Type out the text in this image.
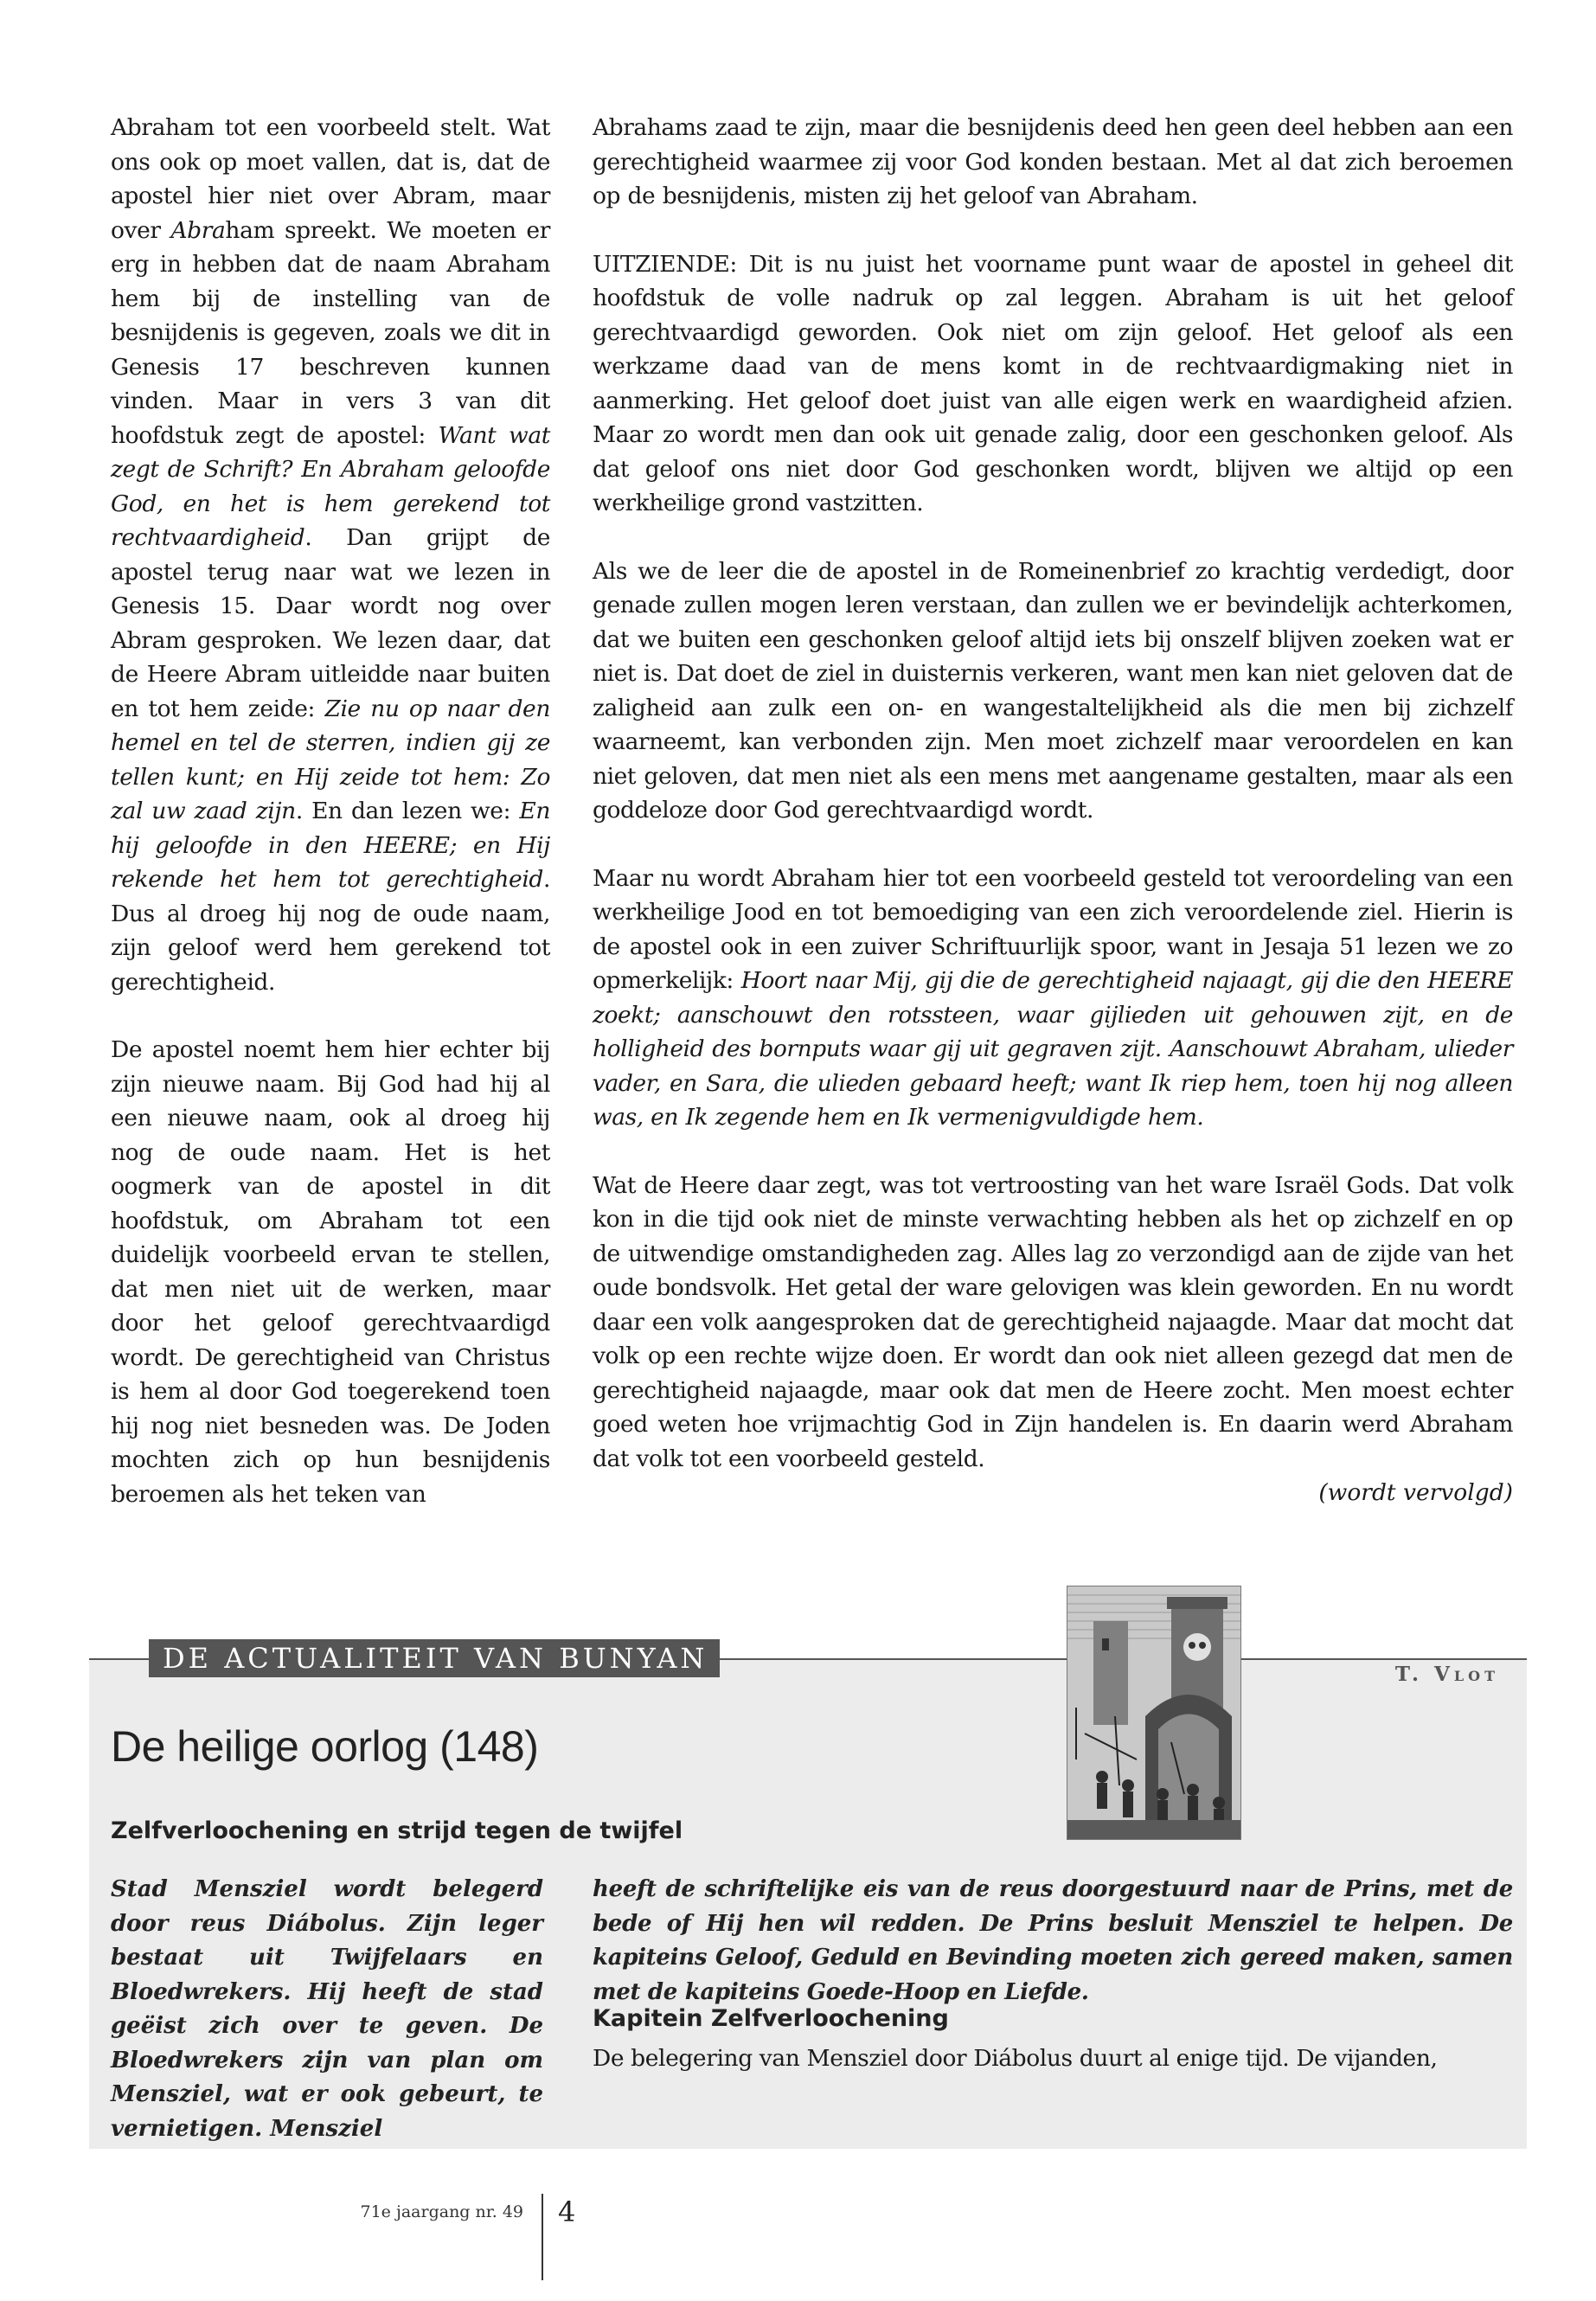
Abraham tot een voorbeeld stelt. Wat ons ook op moet vallen, dat is, dat de apostel hier niet over Abram, maar over Abraham spreekt. We moeten er erg in hebben dat de naam Abraham hem bij de instelling van de besnijdenis is gegeven, zoals we dit in Genesis 17 beschreven kunnen vinden. Maar in vers 3 van dit hoofdstuk zegt de apostel: Want wat zegt de Schrift? En Abraham geloofde God, en het is hem gerekend tot rechtvaardigheid. Dan grijpt de apostel terug naar wat we lezen in Genesis 15. Daar wordt nog over Abram gesproken. We lezen daar, dat de Heere Abram uitleidde naar buiten en tot hem zeide: Zie nu op naar den hemel en tel de sterren, indien gij ze tellen kunt; en Hij zeide tot hem: Zo zal uw zaad zijn. En dan lezen we: En hij geloofde in den HEERE; en Hij rekende het hem tot gerechtigheid. Dus al droeg hij nog de oude naam, zijn geloof werd hem gerekend tot gerechtigheid.

De apostel noemt hem hier echter bij zijn nieuwe naam. Bij God had hij al een nieuwe naam, ook al droeg hij nog de oude naam. Het is het oogmerk van de apostel in dit hoofdstuk, om Abraham tot een duidelijk voorbeeld ervan te stellen, dat men niet uit de werken, maar door het geloof gerechtvaardigd wordt. De gerechtigheid van Christus is hem al door God toegerekend toen hij nog niet besneden was. De Joden mochten zich op hun besnijdenis beroemen als het teken van

Abrahams zaad te zijn, maar die besnijdenis deed hen geen deel hebben aan een gerechtigheid waarmee zij voor God konden bestaan. Met al dat zich beroemen op de besnijdenis, misten zij het geloof van Abraham.

UITZIENDE: Dit is nu juist het voorname punt waar de apostel in geheel dit hoofdstuk de volle nadruk op zal leggen. Abraham is uit het geloof gerechtvaardigd geworden. Ook niet om zijn geloof. Het geloof als een werkzame daad van de mens komt in de rechtvaardigmaking niet in aanmerking. Het geloof doet juist van alle eigen werk en waardigheid afzien. Maar zo wordt men dan ook uit genade zalig, door een geschonken geloof. Als dat geloof ons niet door God geschonken wordt, blijven we altijd op een werkheilige grond vastzitten.

Als we de leer die de apostel in de Romeinenbrief zo krachtig verdedigt, door genade zullen mogen leren verstaan, dan zullen we er bevindelijk achterkomen, dat we buiten een geschonken geloof altijd iets bij onszelf blijven zoeken wat er niet is. Dat doet de ziel in duisternis verkeren, want men kan niet geloven dat de zaligheid aan zulk een on- en wangestaltelijkheid als die men bij zichzelf waarneemt, kan verbonden zijn. Men moet zichzelf maar veroordelen en kan niet geloven, dat men niet als een mens met aangename gestalten, maar als een goddeloze door God gerechtvaardigd wordt.

Maar nu wordt Abraham hier tot een voorbeeld gesteld tot veroordeling van een werkheilige Jood en tot bemoediging van een zich veroordelende ziel. Hierin is de apostel ook in een zuiver Schriftuurlijk spoor, want in Jesaja 51 lezen we zo opmerkelijk: Hoort naar Mij, gij die de gerechtigheid najaagt, gij die den HEERE zoekt; aanschouwt den rotssteen, waar gijlieden uit gehouwen zijt, en de holligheid des bornputs waar gij uit gegraven zijt. Aanschouwt Abraham, ulieder vader, en Sara, die ulieden gebaard heeft; want Ik riep hem, toen hij nog alleen was, en Ik zegende hem en Ik vermenigvuldigde hem.

Wat de Heere daar zegt, was tot vertroosting van het ware Israël Gods. Dat volk kon in die tijd ook niet de minste verwachting hebben als het op zichzelf en op de uitwendige omstandigheden zag. Alles lag zo verzondigd aan de zijde van het oude bondsvolk. Het getal der ware gelovigen was klein geworden. En nu wordt daar een volk aangesproken dat de gerechtigheid najaagde. Maar dat mocht dat volk op een rechte wijze doen. Er wordt dan ook niet alleen gezegd dat men de gerechtigheid najaagde, maar ook dat men de Heere zocht. Men moest echter goed weten hoe vrijmachtig God in Zijn handelen is. En daarin werd Abraham dat volk tot een voorbeeld gesteld.

(wordt vervolgd)
DE ACTUALITEIT VAN BUNYAN	T. Vlot
De heilige oorlog (148)
Zelfverloochening en strijd tegen de twijfel
Stad Mensziel wordt belegerd door reus Diábolus. Zijn leger bestaat uit Twijfelaars en Bloedwrekers. Hij heeft de stad geëist zich over te geven. De Bloedwrekers zijn van plan om Mensziel, wat er ook gebeurt, te vernietigen. Mensziel
heeft de schriftelijke eis van de reus doorgestuurd naar de Prins, met de bede of Hij hen wil redden. De Prins besluit Mensziel te helpen. De kapiteins Geloof, Geduld en Bevinding moeten zich gereed maken, samen met de kapiteins Goede-Hoop en Liefde.
Kapitein Zelfverloochening
De belegering van Mensziel door Diábolus duurt al enige tijd. De vijanden,
71e jaargang nr. 49 4
